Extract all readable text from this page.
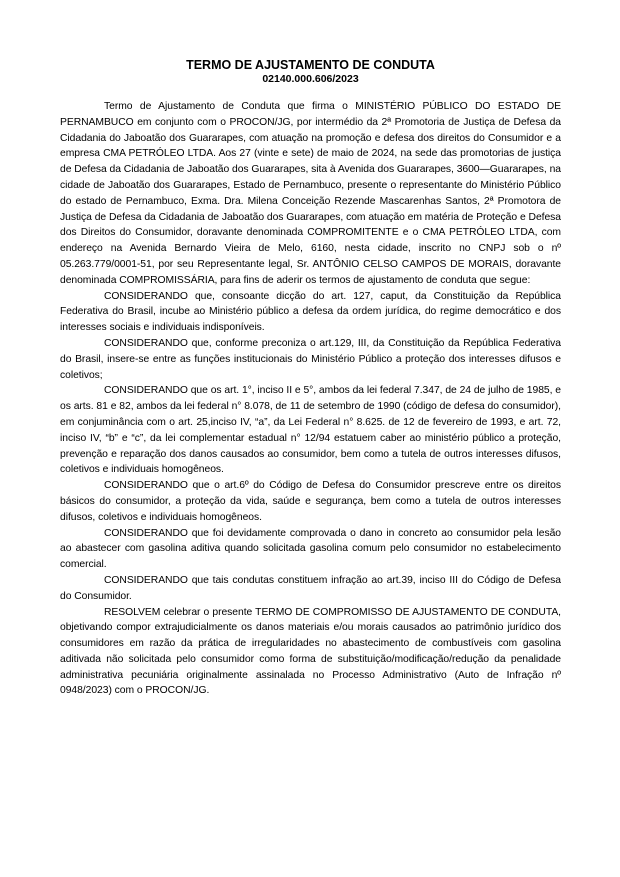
TERMO DE AJUSTAMENTO DE CONDUTA

02140.000.606/2023

Termo de Ajustamento de Conduta que firma o MINISTÉRIO PÚBLICO DO ESTADO DE PERNAMBUCO em conjunto com o PROCON/JG, por intermédio da 2ª Promotoria de Justiça de Defesa da Cidadania do Jaboatão dos Guararapes, com atuação na promoção e defesa dos direitos do Consumidor e a empresa CMA PETRÓLEO LTDA. Aos 27 (vinte e sete) de maio de 2024, na sede das promotorias de justiça de Defesa da Cidadania de Jaboatão dos Guararapes, sita à Avenida dos Guararapes, 3600—Guararapes, na cidade de Jaboatão dos Guararapes, Estado de Pernambuco, presente o representante do Ministério Público do estado de Pernambuco, Exma. Dra. Milena Conceição Rezende Mascarenhas Santos, 2ª Promotora de Justiça de Defesa da Cidadania de Jaboatão dos Guararapes, com atuação em matéria de Proteção e Defesa dos Direitos do Consumidor, doravante denominada COMPROMITENTE e o CMA PETRÓLEO LTDA, com endereço na Avenida Bernardo Vieira de Melo, 6160, nesta cidade, inscrito no CNPJ sob o nº 05.263.779/0001-51, por seu Representante legal, Sr. ANTÔNIO CELSO CAMPOS DE MORAIS, doravante denominada COMPROMISSÁRIA, para fins de aderir os termos de ajustamento de conduta que segue:

CONSIDERANDO que, consoante dicção do art. 127, caput, da Constituição da República Federativa do Brasil, incube ao Ministério público a defesa da ordem jurídica, do regime democrático e dos interesses sociais e individuais indisponíveis.

CONSIDERANDO que, conforme preconiza o art.129, III, da Constituição da República Federativa do Brasil, insere-se entre as funções institucionais do Ministério Público a proteção dos interesses difusos e coletivos;

CONSIDERANDO que os art. 1°, inciso II e 5°, ambos da lei federal 7.347, de 24 de julho de 1985, e os arts. 81 e 82, ambos da lei federal n° 8.078, de 11 de setembro de 1990 (código de defesa do consumidor), em conjuminância com o art. 25,inciso IV, “a”, da Lei Federal n° 8.625. de 12 de fevereiro de 1993, e art. 72, inciso IV, “b” e “c”, da lei complementar estadual n° 12/94 estatuem caber ao ministério público a proteção, prevenção e reparação dos danos causados ao consumidor, bem como a tutela de outros interesses difusos, coletivos e individuais homogêneos.

CONSIDERANDO que o art.6º do Código de Defesa do Consumidor prescreve entre os direitos básicos do consumidor, a proteção da vida, saúde e segurança, bem como a tutela de outros interesses difusos, coletivos e individuais homogêneos.

CONSIDERANDO que foi devidamente comprovada o dano in concreto ao consumidor pela lesão ao abastecer com gasolina aditiva quando solicitada gasolina comum pelo consumidor no estabelecimento comercial.

CONSIDERANDO que tais condutas constituem infração ao art.39, inciso III do Código de Defesa do Consumidor.

RESOLVEM celebrar o presente TERMO DE COMPROMISSO DE AJUSTAMENTO DE CONDUTA, objetivando compor extrajudicialmente os danos materiais e/ou morais causados ao patrimônio jurídico dos consumidores em razão da prática de irregularidades no abastecimento de combustíveis com gasolina aditivada não solicitada pelo consumidor como forma de substituição/modificação/redução da penalidade administrativa pecuniária originalmente assinalada no Processo Administrativo (Auto de Infração nº 0948/2023) com o PROCON/JG.
